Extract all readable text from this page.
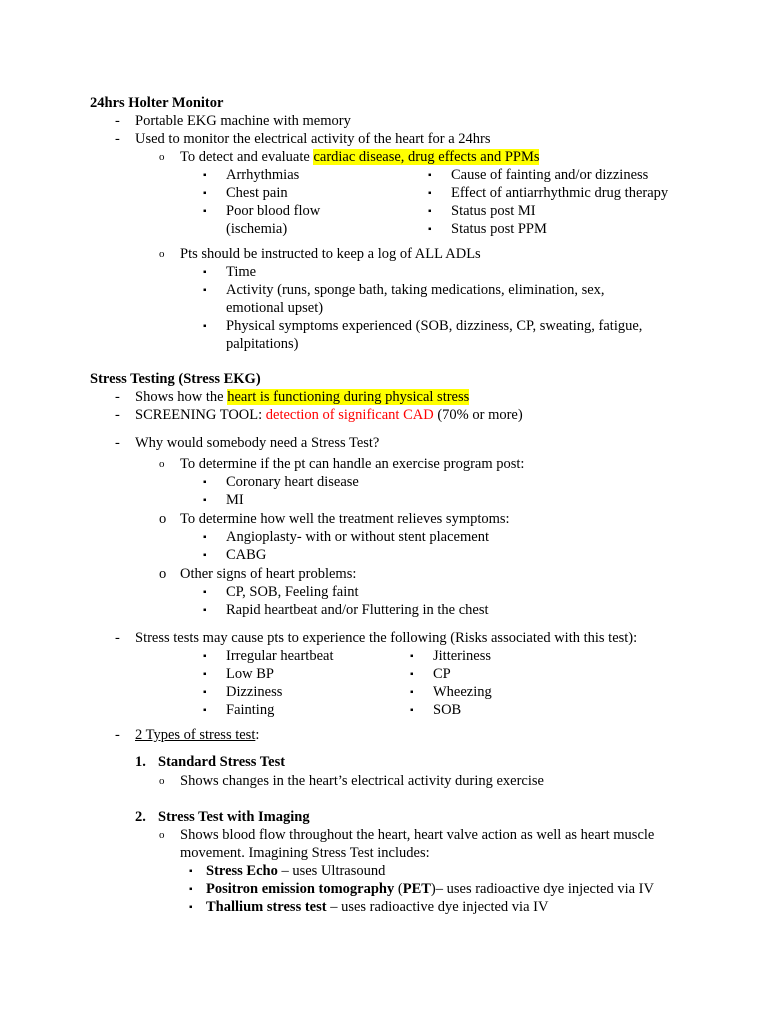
24hrs Holter Monitor
- Portable EKG machine with memory
- Used to monitor the electrical activity of the heart for a 24hrs
o To detect and evaluate cardiac disease, drug effects and PPMs
▪ Arrhythmias
▪ Chest pain
▪ Poor blood flow
(ischemia)
▪ Cause of fainting and/or dizziness
▪ Effect of antiarrhythmic drug therapy
▪ Status post MI
▪ Status post PPM
o Pts should be instructed to keep a log of ALL ADLs
▪ Time
▪ Activity (runs, sponge bath, taking medications, elimination, sex,
emotional upset)
▪ Physical symptoms experienced (SOB, dizziness, CP, sweating, fatigue,
palpitations)
Stress Testing (Stress EKG)
- Shows how the heart is functioning during physical stress
- SCREENING TOOL: detection of significant CAD (70% or more)
- Why would somebody need a Stress Test?
o To determine if the pt can handle an exercise program post:
▪ Coronary heart disease
▪ MI
o To determine how well the treatment relieves symptoms:
▪ Angioplasty- with or without stent placement
▪ CABG
o Other signs of heart problems:
▪ CP, SOB, Feeling faint
▪ Rapid heartbeat and/or Fluttering in the chest
- Stress tests may cause pts to experience the following (Risks associated with this test):
▪ Irregular heartbeat
▪ Low BP
▪ Dizziness
▪ Fainting
▪ Jitteriness
▪ CP
▪ Wheezing
▪ SOB
- 2 Types of stress test:
1. Standard Stress Test
o Shows changes in the heart’s electrical activity during exercise
2. Stress Test with Imaging
o Shows blood flow throughout the heart, heart valve action as well as heart muscle
movement. Imagining Stress Test includes:
▪ Stress Echo – uses Ultrasound
▪ Positron emission tomography (PET)– uses radioactive dye injected via IV
▪ Thallium stress test – uses radioactive dye injected via IV
